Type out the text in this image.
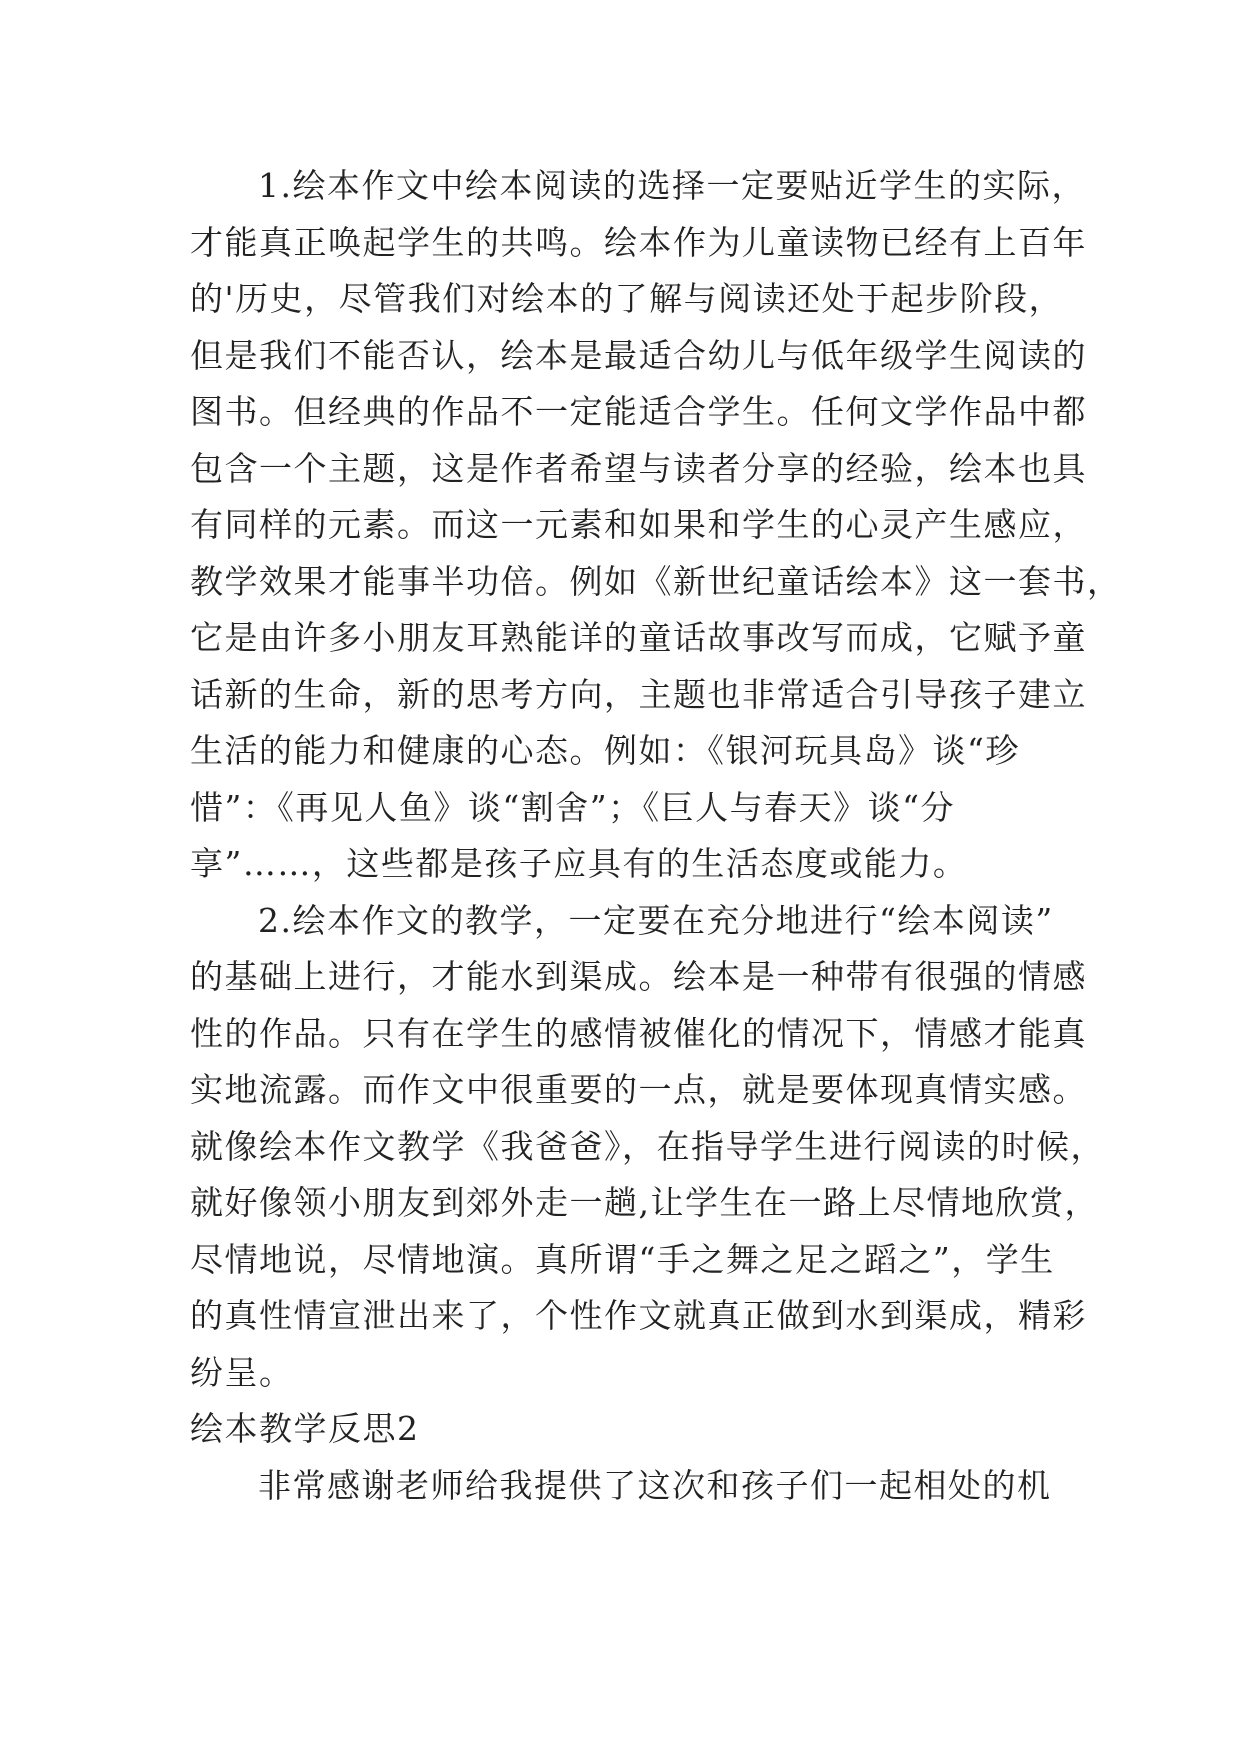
1.绘本作文中绘本阅读的选择一定要贴近学生的实际，
才能真正唤起学生的共鸣。绘本作为儿童读物已经有上百年
的'历史，尽管我们对绘本的了解与阅读还处于起步阶段，
但是我们不能否认，绘本是最适合幼儿与低年级学生阅读的
图书。但经典的作品不一定能适合学生。任何文学作品中都
包含一个主题，这是作者希望与读者分享的经验，绘本也具
有同样的元素。而这一元素和如果和学生的心灵产生感应，
教学效果才能事半功倍。例如《新世纪童话绘本》这一套书，
它是由许多小朋友耳熟能详的童话故事改写而成，它赋予童
话新的生命，新的思考方向，主题也非常适合引导孩子建立
生活的能力和健康的心态。例如：《银河玩具岛》谈“珍
惜”：《再见人鱼》谈“割舍”；《巨人与春天》谈“分
享”……，这些都是孩子应具有的生活态度或能力。
2.绘本作文的教学，一定要在充分地进行“绘本阅读”
的基础上进行，才能水到渠成。绘本是一种带有很强的情感
性的作品。只有在学生的感情被催化的情况下，情感才能真
实地流露。而作文中很重要的一点，就是要体现真情实感。
就像绘本作文教学《我爸爸》，在指导学生进行阅读的时候，
就好像领小朋友到郊外走一趟,让学生在一路上尽情地欣赏，
尽情地说，尽情地演。真所谓“手之舞之足之蹈之”，学生
的真性情宣泄出来了，个性作文就真正做到水到渠成，精彩
纷呈。
绘本教学反思2
非常感谢老师给我提供了这次和孩子们一起相处的机
